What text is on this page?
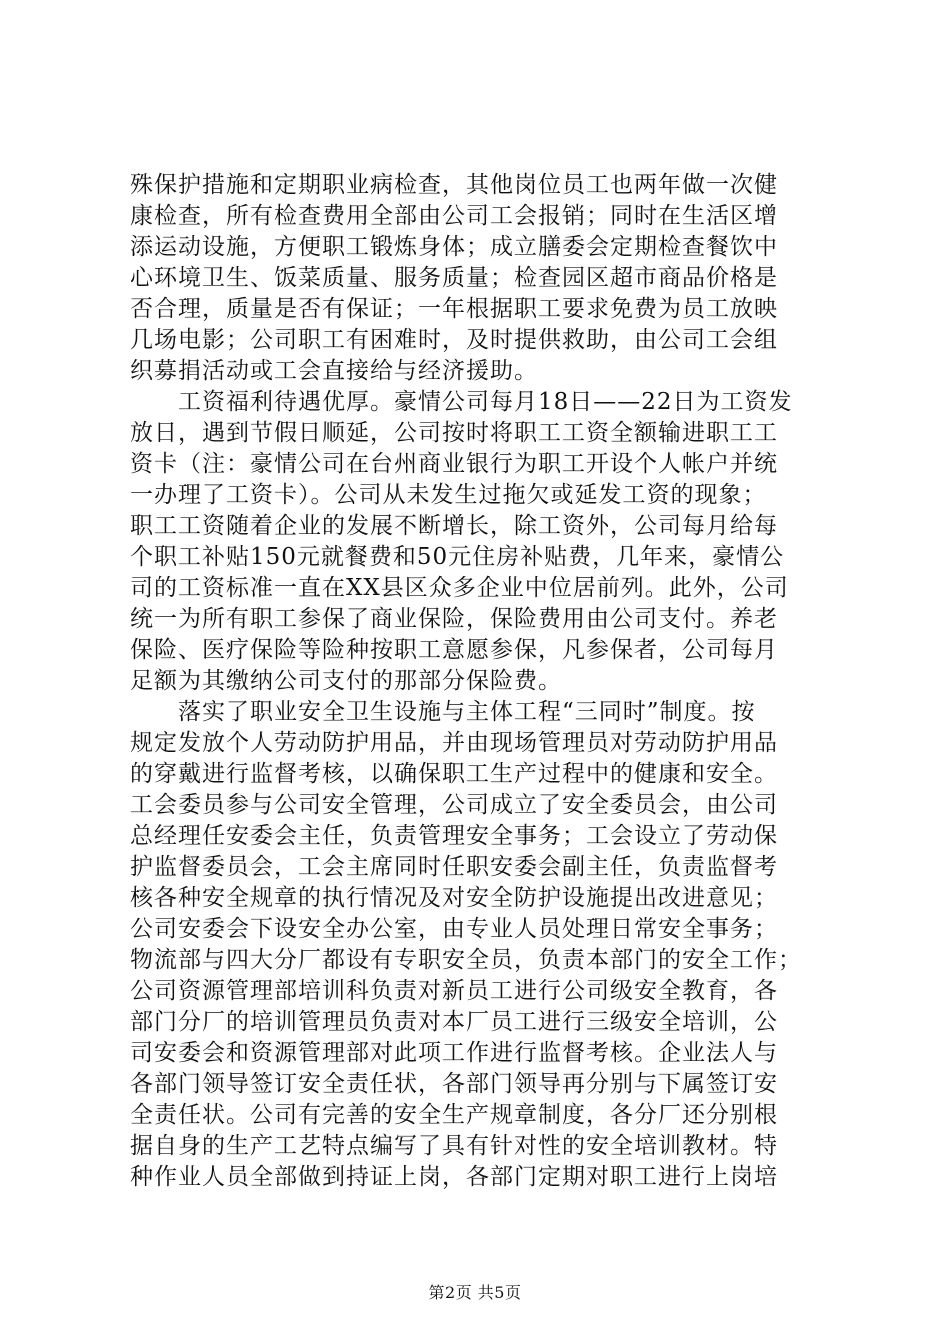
殊保护措施和定期职业病检查，其他岗位员工也两年做一次健
康检查，所有检查费用全部由公司工会报销；同时在生活区增
添运动设施，方便职工锻炼身体；成立膳委会定期检查餐饮中
心环境卫生、饭菜质量、服务质量；检查园区超市商品价格是
否合理，质量是否有保证；一年根据职工要求免费为员工放映
几场电影；公司职工有困难时，及时提供救助，由公司工会组
织募捐活动或工会直接给与经济援助。
　　工资福利待遇优厚。豪情公司每月18日——22日为工资发
放日，遇到节假日顺延，公司按时将职工工资全额输进职工工
资卡（注：豪情公司在台州商业银行为职工开设个人帐户并统
一办理了工资卡）。公司从未发生过拖欠或延发工资的现象；
职工工资随着企业的发展不断增长，除工资外，公司每月给每
个职工补贴150元就餐费和50元住房补贴费，几年来，豪情公
司的工资标准一直在XX县区众多企业中位居前列。此外，公司
统一为所有职工参保了商业保险，保险费用由公司支付。养老
保险、医疗保险等险种按职工意愿参保，凡参保者，公司每月
足额为其缴纳公司支付的那部分保险费。
　　落实了职业安全卫生设施与主体工程“三同时”制度。按
规定发放个人劳动防护用品，并由现场管理员对劳动防护用品
的穿戴进行监督考核，以确保职工生产过程中的健康和安全。
工会委员参与公司安全管理，公司成立了安全委员会，由公司
总经理任安委会主任，负责管理安全事务；工会设立了劳动保
护监督委员会，工会主席同时任职安委会副主任，负责监督考
核各种安全规章的执行情况及对安全防护设施提出改进意见；
公司安委会下设安全办公室，由专业人员处理日常安全事务；
物流部与四大分厂都设有专职安全员，负责本部门的安全工作；
公司资源管理部培训科负责对新员工进行公司级安全教育，各
部门分厂的培训管理员负责对本厂员工进行三级安全培训，公
司安委会和资源管理部对此项工作进行监督考核。企业法人与
各部门领导签订安全责任状，各部门领导再分别与下属签订安
全责任状。公司有完善的安全生产规章制度，各分厂还分别根
据自身的生产工艺特点编写了具有针对性的安全培训教材。特
种作业人员全部做到持证上岗，各部门定期对职工进行上岗培
第2页 共5页
